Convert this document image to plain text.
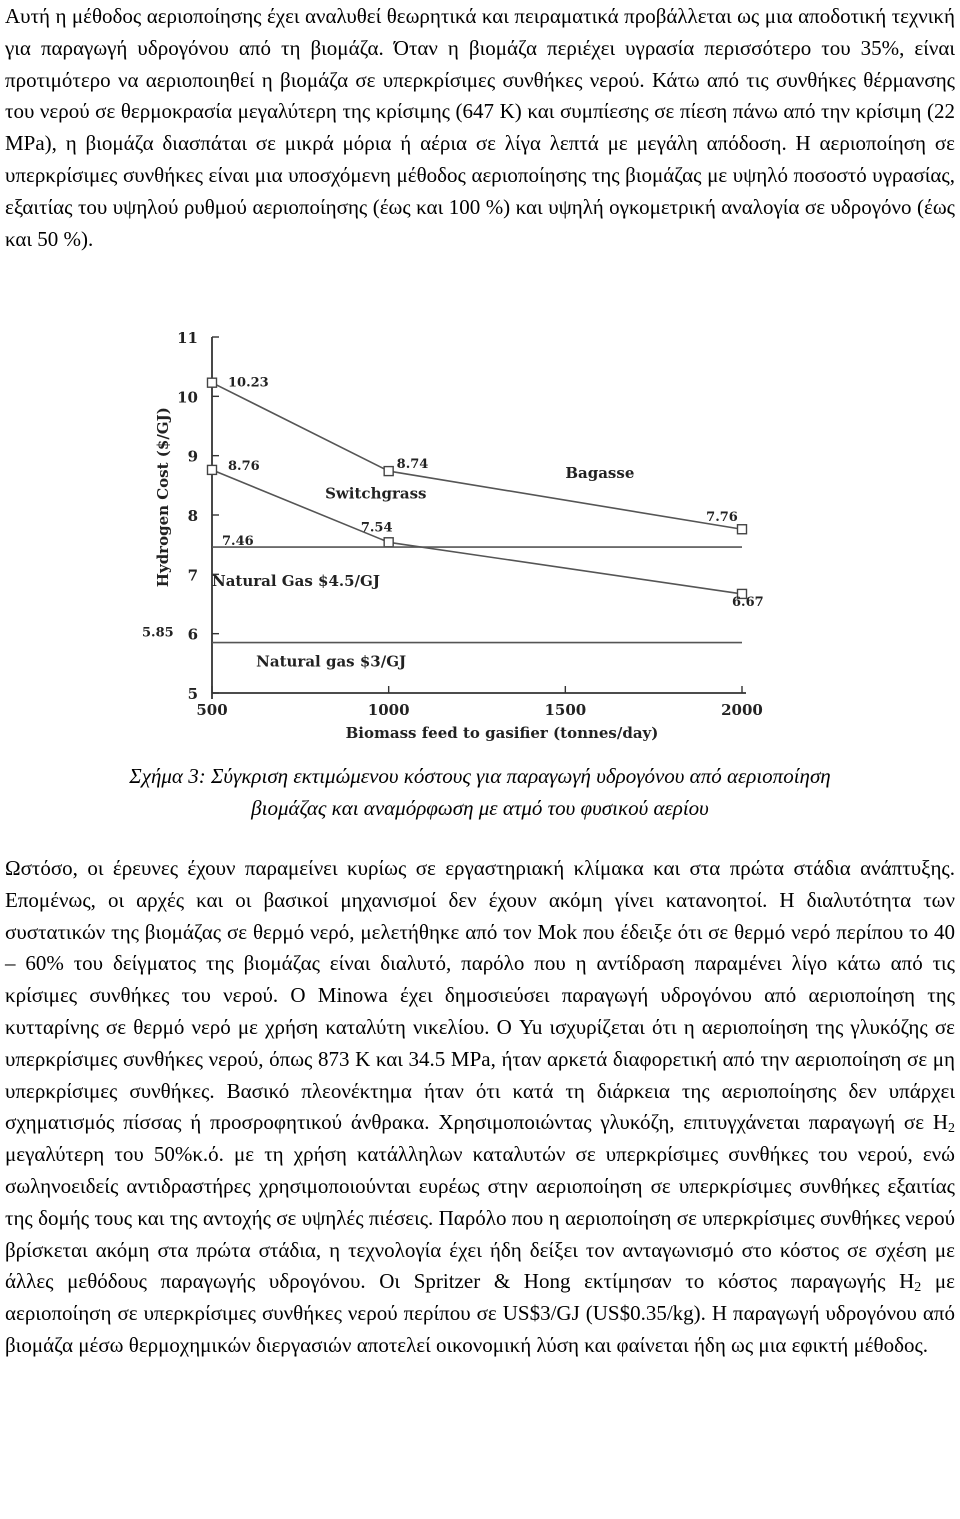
Αυτή η μέθοδος αεριοποίησης έχει αναλυθεί θεωρητικά και πειραματικά προβάλλεται ως μια αποδοτική τεχνική για παραγωγή υδρογόνου από τη βιομάζα. Όταν η βιομάζα περιέχει υγρασία περισσότερο του 35%, είναι προτιμότερο να αεριοποιηθεί η βιομάζα σε υπερκρίσιμες συνθήκες νερού. Κάτω από τις συνθήκες θέρμανσης του νερού σε θερμοκρασία μεγαλύτερη της κρίσιμης (647 K) και συμπίεσης σε πίεση πάνω από την κρίσιμη (22 MPa), η βιομάζα διασπάται σε μικρά μόρια ή αέρια σε λίγα λεπτά με μεγάλη απόδοση. Η αεριοποίηση σε υπερκρίσιμες συνθήκες είναι μια υποσχόμενη μέθοδος αεριοποίησης της βιομάζας με υψηλό ποσοστό υγρασίας, εξαιτίας του υψηλού ρυθμού αεριοποίησης (έως και 100 %) και υψηλή ογκομετρική αναλογία σε υδρογόνο (έως και 50 %).

5
6
7
8
9
10
11
500	1000	1500	2000
Biomass feed to gasifier (tonnes/day)
Hydrogen Cost ($/GJ)
10.23
8.74
7.76
Bagasse
8.76
7.54
6.67
Switchgrass
7.46
Natural Gas $4.5/GJ
5.85
Natural gas $3/GJ
Σχήμα 3: Σύγκριση εκτιμώμενου κόστους για παραγωγή υδρογόνου από αεριοποίηση
βιομάζας και αναμόρφωση με ατμό του φυσικού αερίου

Ωστόσο, οι έρευνες έχουν παραμείνει κυρίως σε εργαστηριακή κλίμακα και στα πρώτα στάδια ανάπτυξης. Επομένως, οι αρχές και οι βασικοί μηχανισμοί δεν έχουν ακόμη γίνει κατανοητοί. Η διαλυτότητα των συστατικών της βιομάζας σε θερμό νερό, μελετήθηκε από τον Mok που έδειξε ότι σε θερμό νερό περίπου το 40 – 60% του δείγματος της βιομάζας είναι διαλυτό, παρόλο που η αντίδραση παραμένει λίγο κάτω από τις κρίσιμες συνθήκες του νερού. Ο Minowa έχει δημοσιεύσει παραγωγή υδρογόνου από αεριοποίηση της κυτταρίνης σε θερμό νερό με χρήση καταλύτη νικελίου. Ο Yu ισχυρίζεται ότι η αεριοποίηση της γλυκόζης σε υπερκρίσιμες συνθήκες νερού, όπως 873 K και 34.5 MPa, ήταν αρκετά διαφορετική από την αεριοποίηση σε μη υπερκρίσιμες συνθήκες. Βασικό πλεονέκτημα ήταν ότι κατά τη διάρκεια της αεριοποίησης δεν υπάρχει σχηματισμός πίσσας ή προσροφητικού άνθρακα. Χρησιμοποιώντας γλυκόζη, επιτυγχάνεται παραγωγή σε $H_2$ μεγαλύτερη του 50%κ.ό. με τη χρήση κατάλληλων καταλυτών σε υπερκρίσιμες συνθήκες του νερού, ενώ σωληνοειδείς αντιδραστήρες χρησιμοποιούνται ευρέως στην αεριοποίηση σε υπερκρίσιμες συνθήκες εξαιτίας της δομής τους και της αντοχής σε υψηλές πιέσεις. Παρόλο που η αεριοποίηση σε υπερκρίσιμες συνθήκες νερού βρίσκεται ακόμη στα πρώτα στάδια, η τεχνολογία έχει ήδη δείξει τον ανταγωνισμό στο κόστος σε σχέση με άλλες μεθόδους παραγωγής υδρογόνου. Οι Spritzer & Hong εκτίμησαν το κόστος παραγωγής $H_2$ με αεριοποίηση σε υπερκρίσιμες συνθήκες νερού περίπου σε US$3/GJ (US$0.35/kg). Η παραγωγή υδρογόνου από βιομάζα μέσω θερμοχημικών διεργασιών αποτελεί οικονομική λύση και φαίνεται ήδη ως μια εφικτή μέθοδος.
